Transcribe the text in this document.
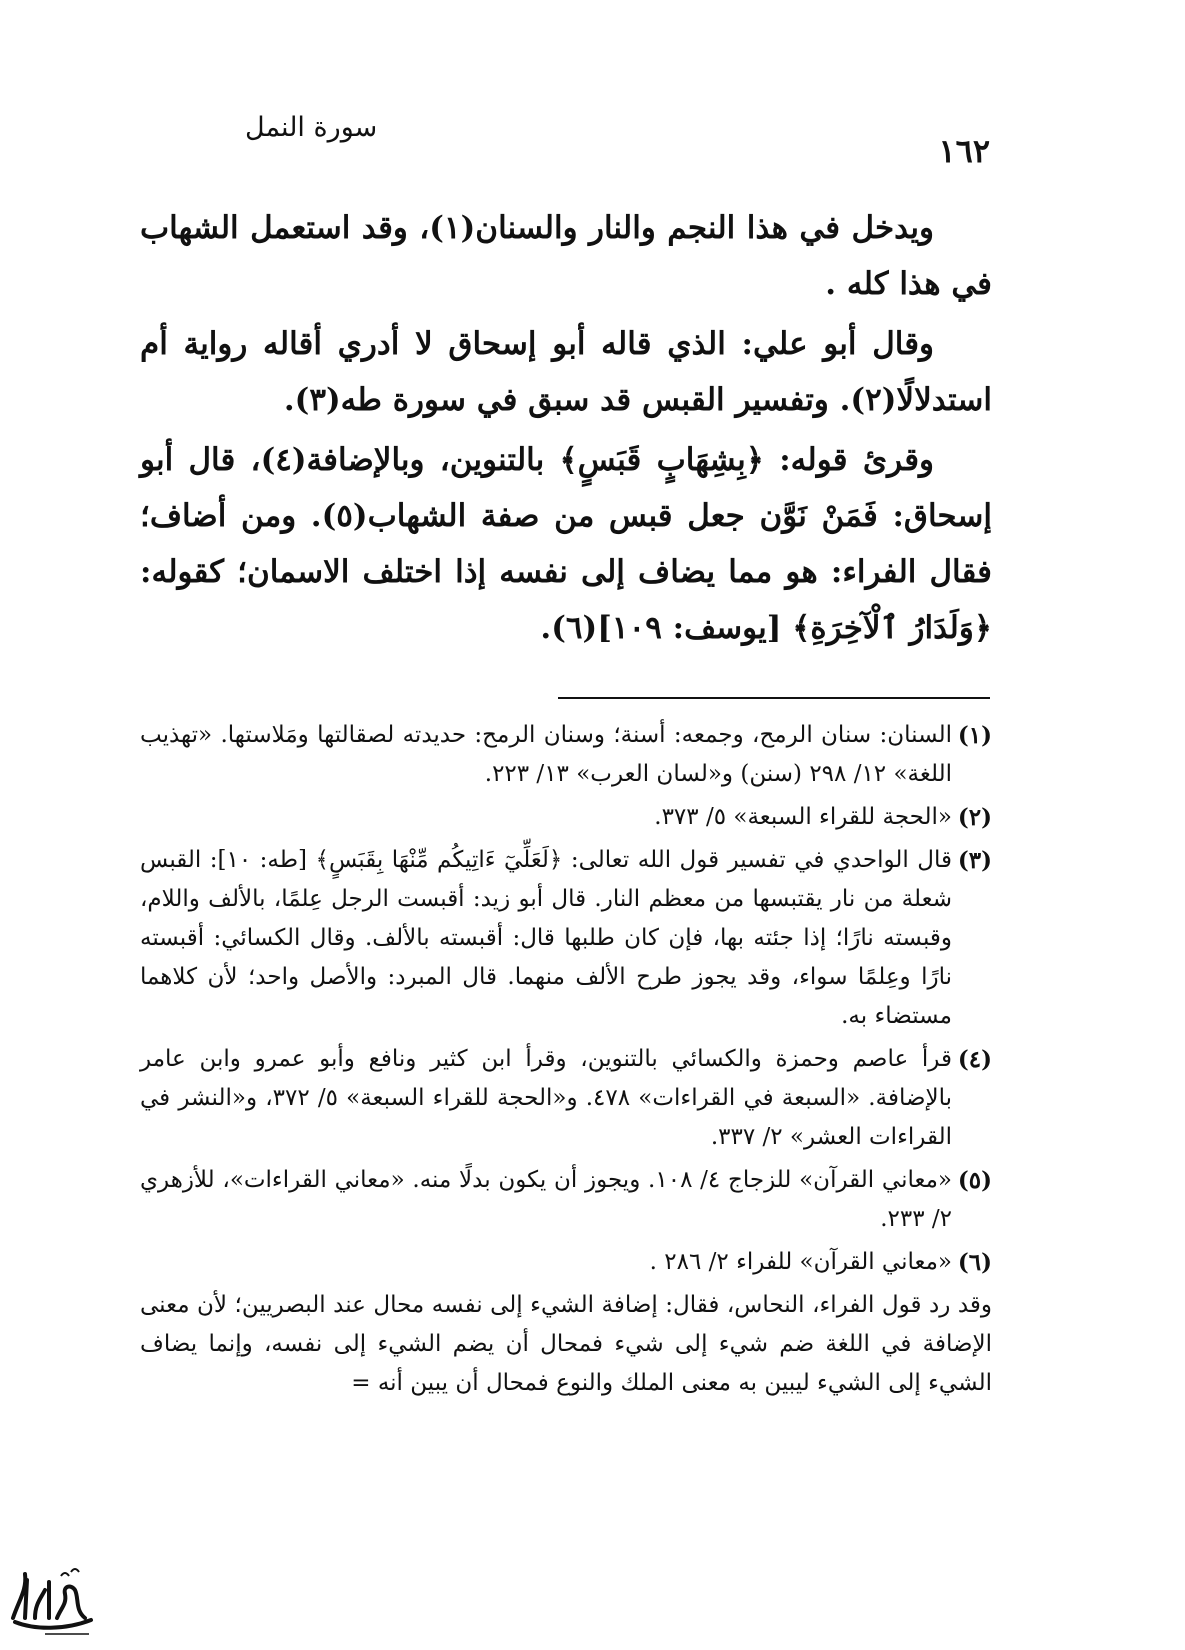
١٦٢
سورة النمل

ويدخل في هذا النجم والنار والسنان(١)، وقد استعمل الشهاب في هذا كله .

وقال أبو علي: الذي قاله أبو إسحاق لا أدري أقاله رواية أم استدلالًا(٢). وتفسير القبس قد سبق في سورة طه(٣).

وقرئ قوله: ﴿بِشِهَابٍ قَبَسٍ﴾ بالتنوين، وبالإضافة(٤)، قال أبو إسحاق: فَمَنْ نَوَّن جعل قبس من صفة الشهاب(٥). ومن أضاف؛ فقال الفراء: هو مما يضاف إلى نفسه إذا اختلف الاسمان؛ كقوله: ﴿وَلَدَارُ ٱلْآخِرَةِ﴾ [يوسف: ١٠٩](٦).

(١)
السنان: سنان الرمح، وجمعه: أسنة؛ وسنان الرمح: حديدته لصقالتها ومَلاستها. «تهذيب اللغة» ١٢/ ٢٩٨ (سنن) و«لسان العرب» ١٣/ ٢٢٣.
(٢)
«الحجة للقراء السبعة» ٥/ ٣٧٣.
(٣)
قال الواحدي في تفسير قول الله تعالى: ﴿لَعَلِّيٓ ءَاتِيكُم مِّنْهَا بِقَبَسٍ﴾ [طه: ١٠]: القبس شعلة من نار يقتبسها من معظم النار. قال أبو زيد: أقبست الرجل عِلمًا، بالألف واللام، وقبسته نارًا؛ إذا جئته بها، فإن كان طلبها قال: أقبسته بالألف. وقال الكسائي: أقبسته نارًا وعِلمًا سواء، وقد يجوز طرح الألف منهما. قال المبرد: والأصل واحد؛ لأن كلاهما مستضاء به.
(٤)
قرأ عاصم وحمزة والكسائي بالتنوين، وقرأ ابن كثير ونافع وأبو عمرو وابن عامر بالإضافة. «السبعة في القراءات» ٤٧٨. و«الحجة للقراء السبعة» ٥/ ٣٧٢، و«النشر في القراءات العشر» ٢/ ٣٣٧.
(٥)
«معاني القرآن» للزجاج ٤/ ١٠٨. ويجوز أن يكون بدلًا منه. «معاني القراءات»، للأزهري ٢/ ٢٣٣.
(٦)
«معاني القرآن» للفراء ٢/ ٢٨٦ .
وقد رد قول الفراء، النحاس، فقال: إضافة الشيء إلى نفسه محال عند البصريين؛ لأن معنى الإضافة في اللغة ضم شيء إلى شيء فمحال أن يضم الشيء إلى نفسه، وإنما يضاف الشيء إلى الشيء ليبين به معنى الملك والنوع فمحال أن يبين أنه =
